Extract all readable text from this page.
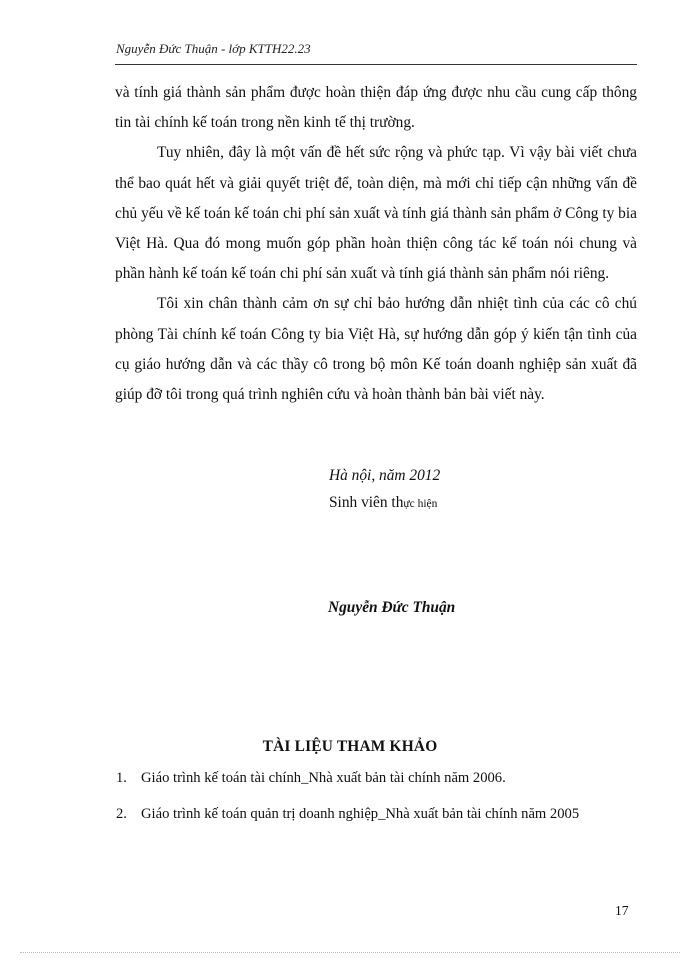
Nguyễn Đức Thuận - lớp KTTH22.23

và tính giá thành sản phẩm được hoàn thiện đáp ứng được nhu cầu cung cấp thông tin tài chính kế toán trong nền kinh tế thị trường.

Tuy nhiên, đây là một vấn đề hết sức rộng và phức tạp. Vì vậy bài viết chưa thể bao quát hết và giải quyết triệt để, toàn diện, mà mới chỉ tiếp cận những vấn đề chủ yếu về kế toán kế toán chi phí sản xuất và tính giá thành sản phẩm ở Công ty bia Việt Hà. Qua đó mong muốn góp phần hoàn thiện công tác kế toán nói chung và phần hành kế toán kế toán chi phí sản xuất và tính giá thành sản phẩm nói riêng.

Tôi xin chân thành cảm ơn sự chỉ bảo hướng dẫn nhiệt tình của các cô chú phòng Tài chính kế toán Công ty bia Việt Hà, sự hướng dẫn góp ý kiến tận tình của cụ giáo hướng dẫn và các thầy cô trong bộ môn Kế toán doanh nghiệp sản xuất đã giúp đỡ tôi trong quá trình nghiên cứu và hoàn thành bản bài viết này.

Hà nội, năm 2012
Sinh viên thực hiện
Nguyễn Đức Thuận
TÀI LIỆU THAM KHẢO
1. Giáo trình kế toán tài chính_Nhà xuất bản tài chính năm 2006.
2. Giáo trình kế toán quản trị doanh nghiệp_Nhà xuất bản tài chính năm 2005
17
